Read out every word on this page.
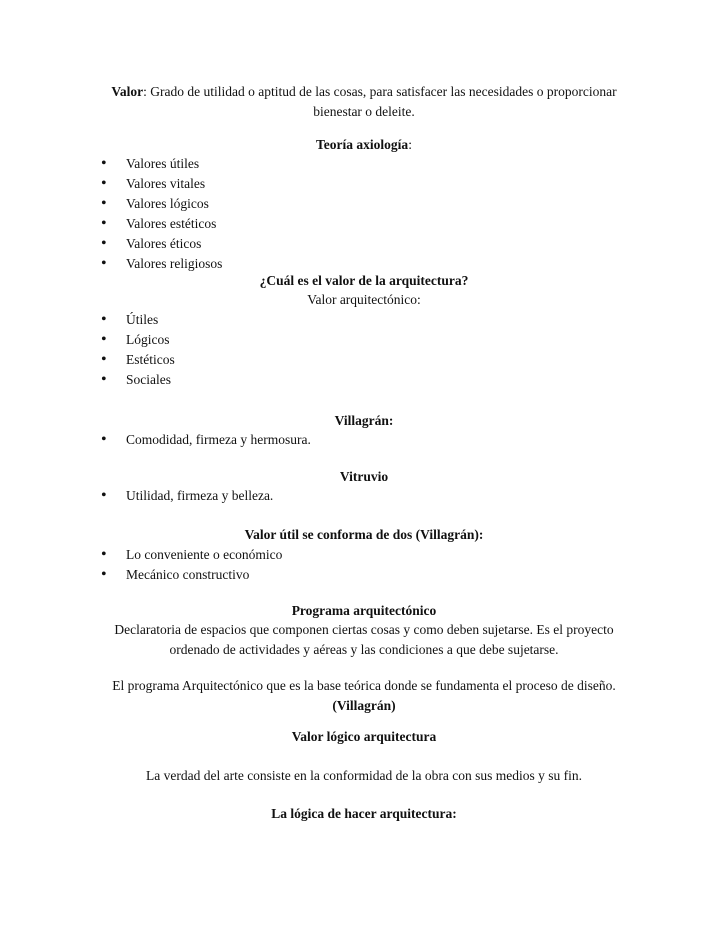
Valor: Grado de utilidad o aptitud de las cosas, para satisfacer las necesidades o proporcionar
bienestar o deleite.
Teoría axiología:
• Valores útiles
• Valores vitales
• Valores lógicos
• Valores estéticos
• Valores éticos
• Valores religiosos
¿Cuál es el valor de la arquitectura?
Valor arquitectónico:
• Útiles
• Lógicos
• Estéticos
• Sociales
Villagrán:
• Comodidad, firmeza y hermosura.
Vitruvio
• Utilidad, firmeza y belleza.
Valor útil se conforma de dos (Villagrán):
• Lo conveniente o económico
• Mecánico constructivo
Programa arquitectónico
Declaratoria de espacios que componen ciertas cosas y como deben sujetarse. Es el proyecto
ordenado de actividades y aéreas y las condiciones a que debe sujetarse.
El programa Arquitectónico que es la base teórica donde se fundamenta el proceso de diseño.
(Villagrán)
Valor lógico arquitectura
La verdad del arte consiste en la conformidad de la obra con sus medios y su fin.
La lógica de hacer arquitectura:
